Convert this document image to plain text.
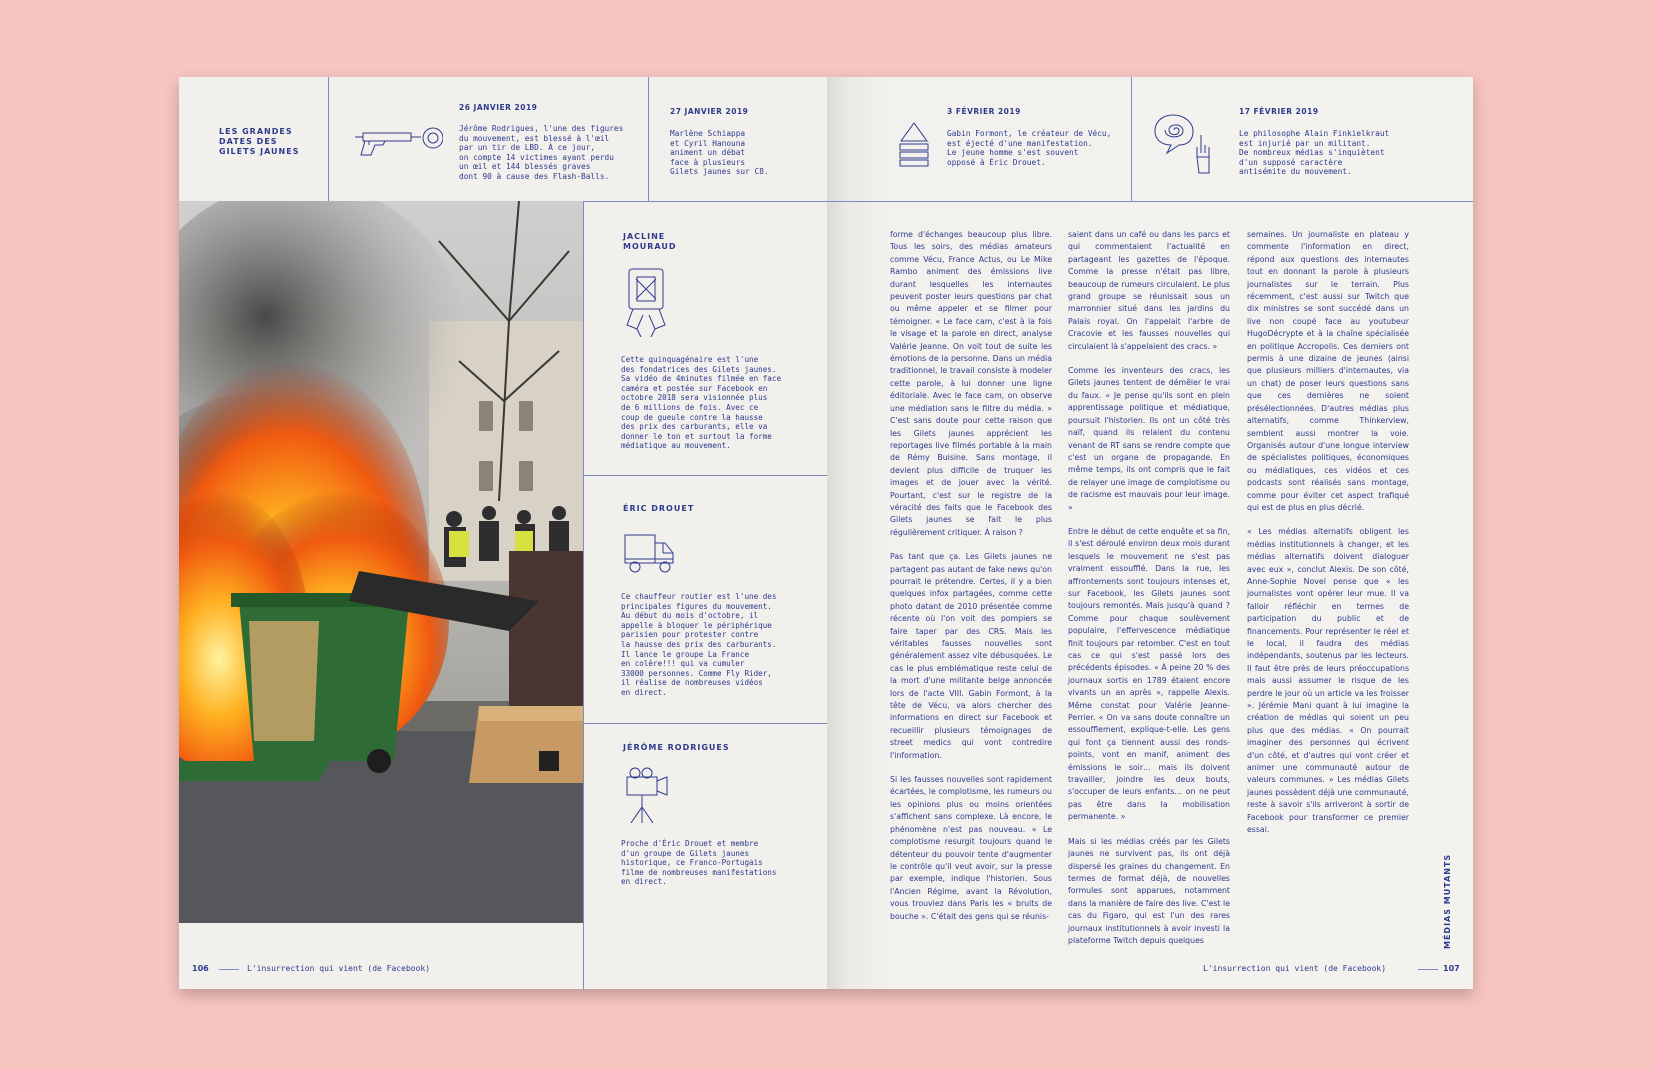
LES GRANDES
DATES DES
GILETS JAUNES
26 JANVIER 2019
Jérôme Rodrigues, l'une des figures
du mouvement, est blessé à l'œil
par un tir de LBD. À ce jour,
on compte 14 victimes ayant perdu
un œil et 144 blessés graves
dont 90 à cause des Flash-Balls.
27 JANVIER 2019
Marlène Schiappa
et Cyril Hanouna
animent un débat
face à plusieurs
Gilets jaunes sur C8.
JACLINE
MOURAUD
Cette quinquagénaire est l'une
des fondatrices des Gilets jaunes.
Sa vidéo de 4minutes filmée en face
caméra et postée sur Facebook en
octobre 2018 sera visionnée plus
de 6 millions de fois. Avec ce
coup de gueule contre la hausse
des prix des carburants, elle va
donner le ton et surtout la forme
médiatique au mouvement.
ÉRIC DROUET
Ce chauffeur routier est l'une des
principales figures du mouvement.
Au début du mois d'octobre, il
appelle à bloquer le périphérique
parisien pour protester contre
la hausse des prix des carburants.
Il lance le groupe La France
en colère!!! qui va cumuler
33000 personnes. Comme Fly Rider,
il réalise de nombreuses vidéos
en direct.
JÉRÔME RODRIGUES
Proche d'Éric Drouet et membre
d'un groupe de Gilets jaunes
historique, ce Franco-Portugais
filme de nombreuses manifestations
en direct.
106	L'insurrection qui vient (de Facebook)
3 FÉVRIER 2019
Gabin Formont, le créateur de Vécu,
est éjecté d'une manifestation.
Le jeune homme s'est souvent
opposé à Éric Drouet.
17 FÉVRIER 2019
Le philosophe Alain Finkielkraut
est injurié par un militant.
De nombreux médias s'inquiètent
d'un supposé caractère
antisémite du mouvement.

forme d'échanges beaucoup plus libre. Tous les soirs, des médias amateurs comme Vécu, France Actus, ou Le Mike Rambo animent des émissions live durant lesquelles les internautes peuvent poster leurs questions par chat ou même appeler et se filmer pour témoigner. « Le face cam, c'est à la fois le visage et la parole en direct, analyse Valérie Jeanne. On voit tout de suite les émotions de la personne. Dans un média traditionnel, le travail consiste à modeler cette parole, à lui donner une ligne éditoriale. Avec le face cam, on observe une médiation sans le filtre du média. » C'est sans doute pour cette raison que les Gilets jaunes apprécient les reportages live filmés portable à la main de Rémy Buisine. Sans montage, il devient plus difficile de truquer les images et de jouer avec la vérité. Pourtant, c'est sur le registre de la véracité des faits que le Facebook des Gilets jaunes se fait le plus régulièrement critiquer. À raison ?

Pas tant que ça. Les Gilets jaunes ne partagent pas autant de fake news qu'on pourrait le prétendre. Certes, il y a bien quelques infox partagées, comme cette photo datant de 2010 présentée comme récente où l'on voit des pompiers se faire taper par des CRS. Mais les véritables fausses nouvelles sont généralement assez vite débusquées. Le cas le plus emblématique reste celui de la mort d'une militante belge annoncée lors de l'acte VIII. Gabin Formont, à la tête de Vécu, va alors chercher des informations en direct sur Facebook et recueillir plusieurs témoignages de street medics qui vont contredire l'information.

Si les fausses nouvelles sont rapidement écartées, le complotisme, les rumeurs ou les opinions plus ou moins orientées s'affichent sans complexe. Là encore, le phénomène n'est pas nouveau. « Le complotisme resurgit toujours quand le détenteur du pouvoir tente d'augmenter le contrôle qu'il veut avoir, sur la presse par exemple, indique l'historien. Sous l'Ancien Régime, avant la Révolution, vous trouviez dans Paris les « bruits de bouche ». C'était des gens qui se réunis-

saient dans un café ou dans les parcs et qui commentaient l'actualité en partageant les gazettes de l'époque. Comme la presse n'était pas libre, beaucoup de rumeurs circulaient. Le plus grand groupe se réunissait sous un marronnier situé dans les jardins du Palais royal. On l'appelait l'arbre de Cracovie et les fausses nouvelles qui circulaient là s'appelaient des cracs. »

Comme les inventeurs des cracs, les Gilets jaunes tentent de démêler le vrai du faux. « Je pense qu'ils sont en plein apprentissage politique et médiatique, poursuit l'historien. Ils ont un côté très naïf, quand ils relaient du contenu venant de RT sans se rendre compte que c'est un organe de propagande. En même temps, ils ont compris que le fait de relayer une image de complotisme ou de racisme est mauvais pour leur image. »

Entre le début de cette enquête et sa fin, il s'est déroulé environ deux mois durant lesquels le mouvement ne s'est pas vraiment essoufflé. Dans la rue, les affrontements sont toujours intenses et, sur Facebook, les Gilets jaunes sont toujours remontés. Mais jusqu'à quand ? Comme pour chaque soulèvement populaire, l'effervescence médiatique finit toujours par retomber. C'est en tout cas ce qui s'est passé lors des précédents épisodes. « À peine 20 % des journaux sortis en 1789 étaient encore vivants un an après », rappelle Alexis. Même constat pour Valérie Jeanne-Perrier. « On va sans doute connaître un essoufflement, explique-t-elle. Les gens qui font ça tiennent aussi des ronds-points, vont en manif, animent des émissions le soir… mais ils doivent travailler, joindre les deux bouts, s'occuper de leurs enfants… on ne peut pas être dans la mobilisation permanente. »

Mais si les médias créés par les Gilets jaunes ne survivent pas, ils ont déjà dispersé les graines du changement. En termes de format déjà, de nouvelles formules sont apparues, notamment dans la manière de faire des live. C'est le cas du Figaro, qui est l'un des rares journaux institutionnels à avoir investi la plateforme Twitch depuis quelques

semaines. Un journaliste en plateau y commente l'information en direct, répond aux questions des internautes tout en donnant la parole à plusieurs journalistes sur le terrain. Plus récemment, c'est aussi sur Twitch que dix ministres se sont succédé dans un live non coupé face au youtubeur HugoDécrypte et à la chaîne spécialisée en politique Accropolis. Ces derniers ont permis à une dizaine de jeunes (ainsi que plusieurs milliers d'internautes, via un chat) de poser leurs questions sans que ces dernières ne soient présélectionnées. D'autres médias plus alternatifs, comme Thinkerview, semblent aussi montrer la voie. Organisés autour d'une longue interview de spécialistes politiques, économiques ou médiatiques, ces vidéos et ces podcasts sont réalisés sans montage, comme pour éviter cet aspect trafiqué qui est de plus en plus décrié.

« Les médias alternatifs obligent les médias institutionnels à changer, et les médias alternatifs doivent dialoguer avec eux », conclut Alexis. De son côté, Anne-Sophie Novel pense que « les journalistes vont opérer leur mue. Il va falloir réfléchir en termes de participation du public et de financements. Pour représenter le réel et le local, il faudra des médias indépendants, soutenus par les lecteurs. Il faut être près de leurs préoccupations mais aussi assumer le risque de les perdre le jour où un article va les froisser ». Jérémie Mani quant à lui imagine la création de médias qui soient un peu plus que des médias. « On pourrait imaginer des personnes qui écrivent d'un côté, et d'autres qui vont créer et animer une communauté autour de valeurs communes. » Les médias Gilets jaunes possèdent déjà une communauté, reste à savoir s'ils arriveront à sortir de Facebook pour transformer ce premier essai.

MÉDIAS MUTANTS
L'insurrection qui vient (de Facebook)	107
